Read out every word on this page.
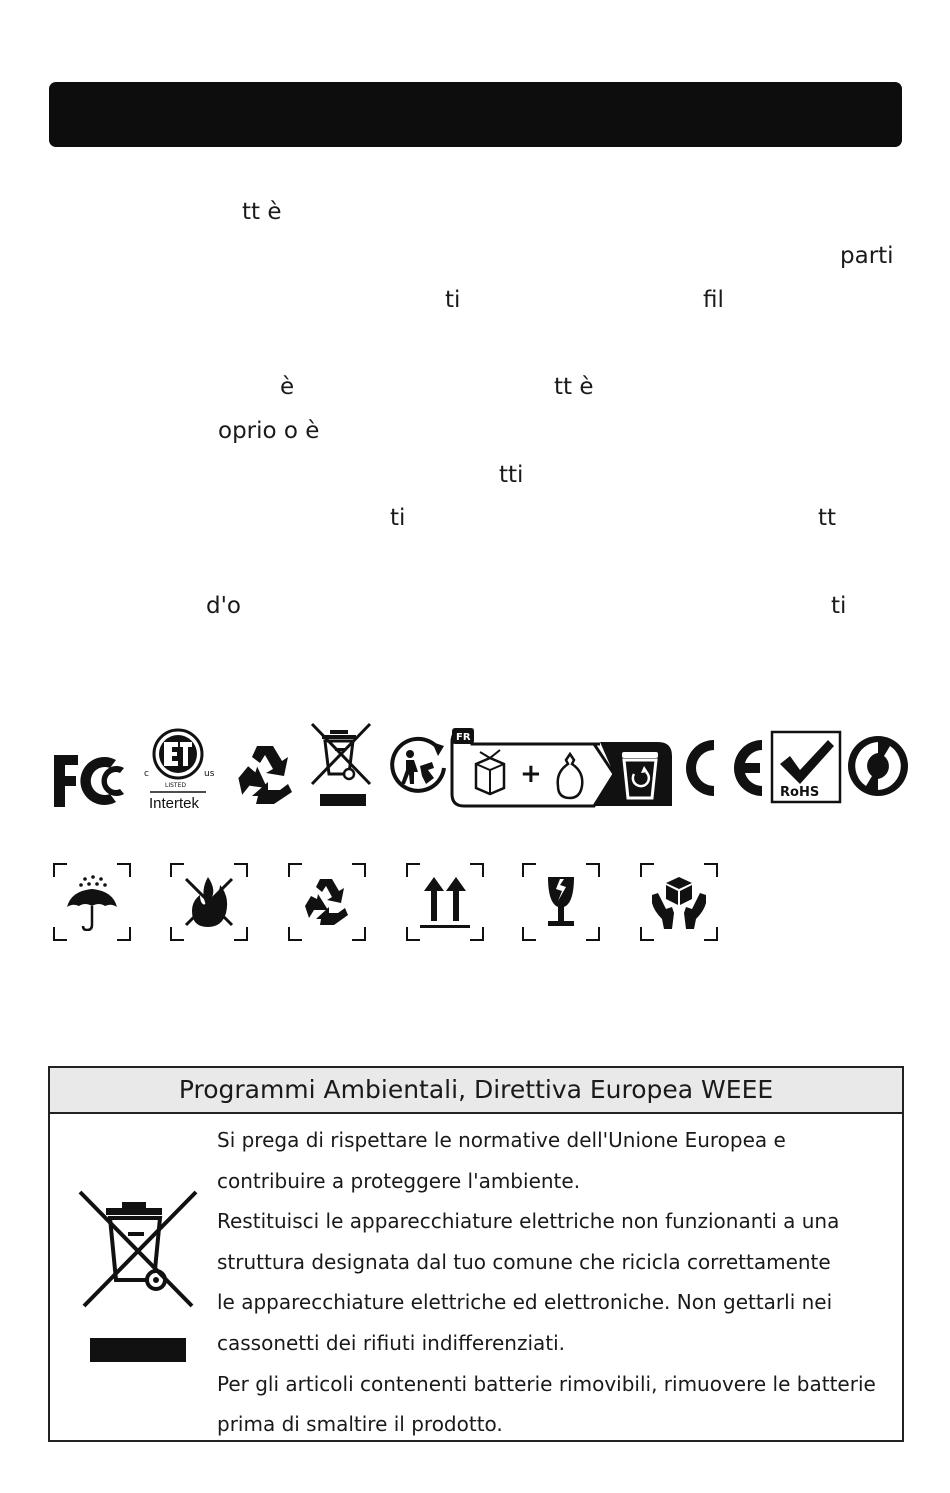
tt è
parti
ti	fil
è	tt è
oprio o è
tti
ti	tt
d'o	ti
c	us
LISTED
Intertek
FR
+
RoHS
Programmi Ambientali, Direttiva Europea WEEE
Si prega di rispettare le normative dell'Unione Europea e
contribuire a proteggere l'ambiente.
Restituisci le apparecchiature elettriche non funzionanti a una
struttura designata dal tuo comune che ricicla correttamente
le apparecchiature elettriche ed elettroniche. Non gettarli nei
cassonetti dei rifiuti indifferenziati.
Per gli articoli contenenti batterie rimovibili, rimuovere le batterie
prima di smaltire il prodotto.
